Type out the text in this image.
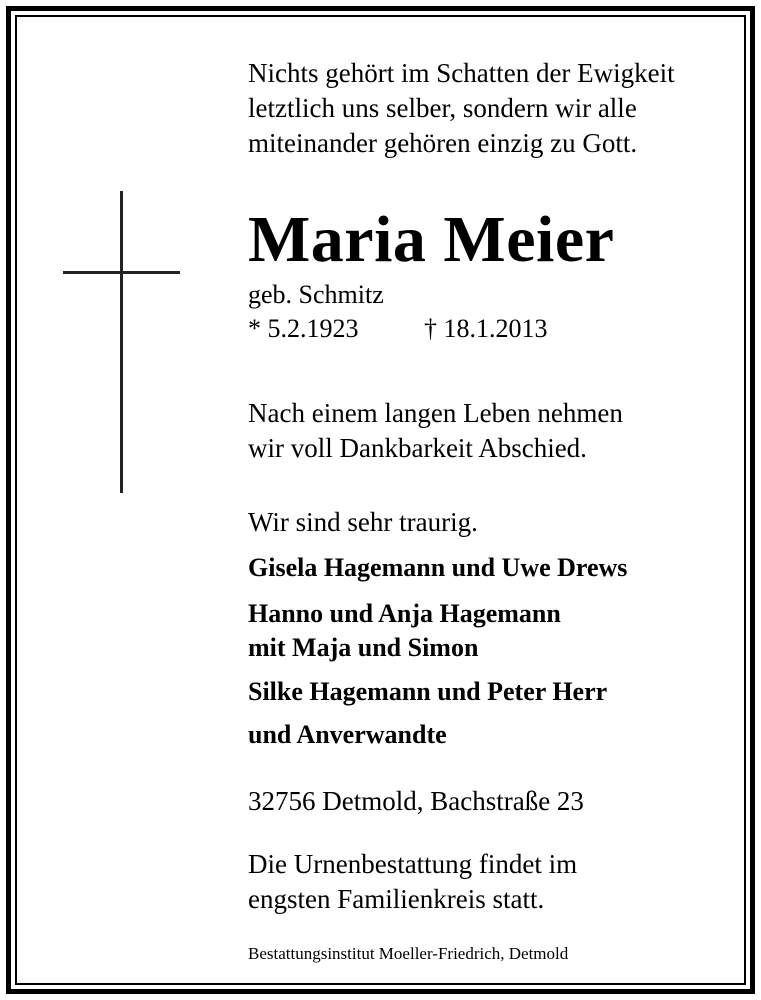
Nichts gehört im Schatten der Ewigkeit
letztlich uns selber, sondern wir alle
miteinander gehören einzig zu Gott.
Maria Meier
geb. Schmitz
* 5.2.1923	† 18.1.2013
Nach einem langen Leben nehmen
wir voll Dankbarkeit Abschied.
Wir sind sehr traurig.
Gisela Hagemann und Uwe Drews
Hanno und Anja Hagemann
mit Maja und Simon
Silke Hagemann und Peter Herr
und Anverwandte
32756 Detmold, Bachstraße 23
Die Urnenbestattung findet im
engsten Familienkreis statt.
Bestattungsinstitut Moeller-Friedrich, Detmold
